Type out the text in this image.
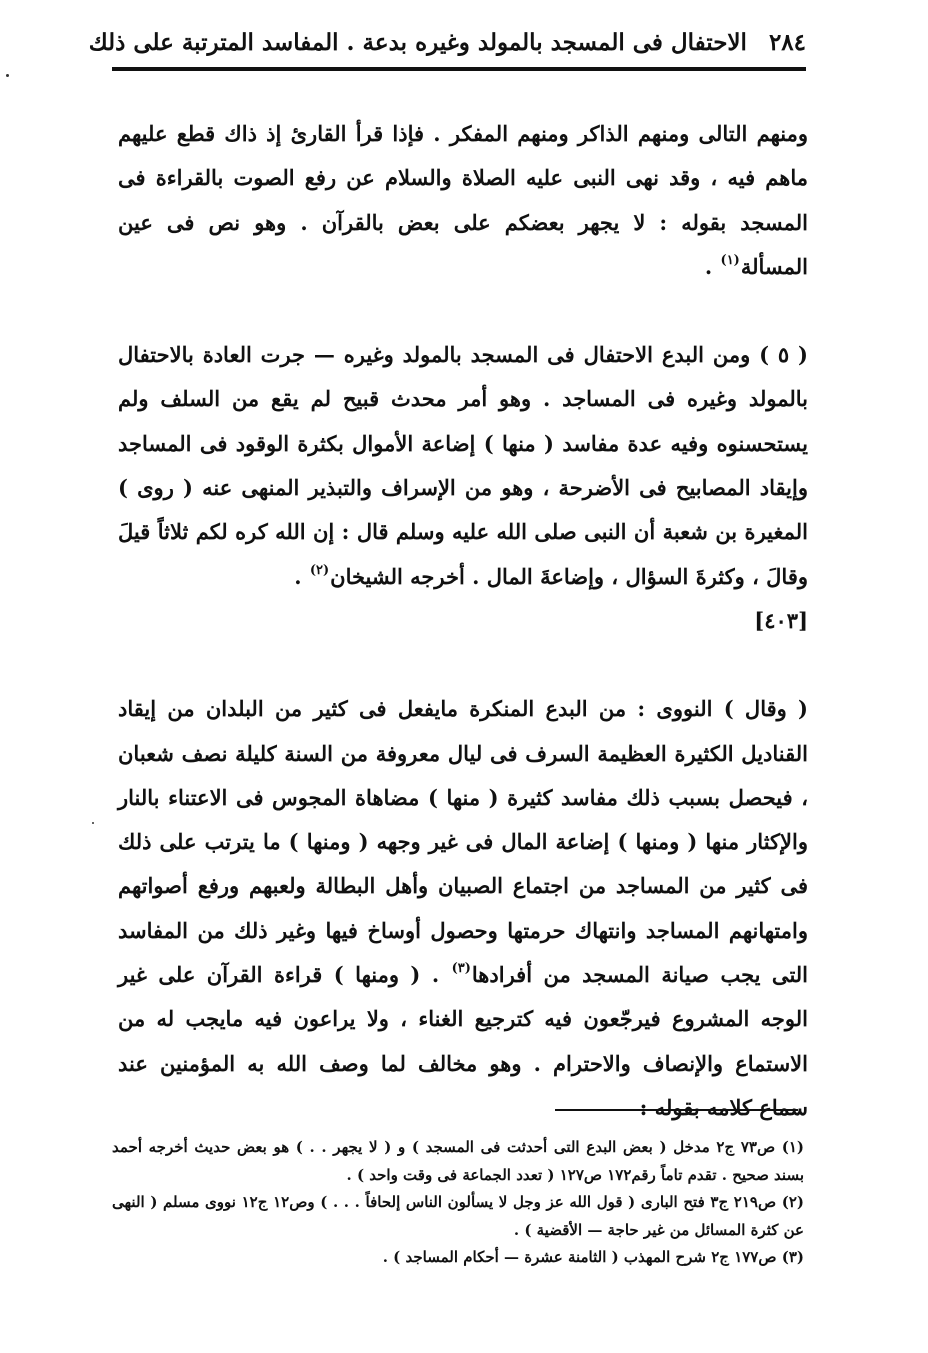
٢٨٤
الاحتفال فى المسجد بالمولد وغيره بدعة . المفاسد المترتبة على ذلك

ومنهم التالى ومنهم الذاكر ومنهم المفكر . فإذا قرأ القارئ إذ ذاك قطع عليهم ماهم فيه ، وقد نهى النبى عليه الصلاة والسلام عن رفع الصوت بالقراءة فى المسجد بقوله : لا يجهر بعضكم على بعض بالقرآن . وهو نص فى عين المسألة$^{(١)}$ .

( ٥ ) ومن البدع الاحتفال فى المسجد بالمولد وغيره — جرت العادة بالاحتفال بالمولد وغيره فى المساجد . وهو أمر محدث قبيح لم يقع من السلف ولم يستحسنوه وفيه عدة مفاسد ( منها ) إضاعة الأموال بكثرة الوقود فى المساجد وإيقاد المصابيح فى الأضرحة ، وهو من الإسراف والتبذير المنهى عنه ( روى ) المغيرة بن شعبة أن النبى صلى الله عليه وسلم قال : إن الله كره لكم ثلاثاً قيلَ وقالَ ، وكثرةَ السؤال ، وإضاعةَ المال . أخرجه الشيخان$^{(٢)}$ .
[٤٠٣]

( وقال ) النووى : من البدع المنكرة مايفعل فى كثير من البلدان من إيقاد القناديل الكثيرة العظيمة السرف فى ليال معروفة من السنة كليلة نصف شعبان ، فيحصل بسبب ذلك مفاسد كثيرة ( منها ) مضاهاة المجوس فى الاعتناء بالنار والإكثار منها ( ومنها ) إضاعة المال فى غير وجهه ( ومنها ) ما يترتب على ذلك فى كثير من المساجد من اجتماع الصبيان وأهل البطالة ولعبهم ورفع أصواتهم وامتهانهم المساجد وانتهاك حرمتها وحصول أوساخ فيها وغير ذلك من المفاسد التى يجب صيانة المسجد من أفرادها$^{(٣)}$ . ( ومنها ) قراءة القرآن على غير الوجه المشروع فيرجّعون فيه كترجيع الغناء ، ولا يراعون فيه مايجب له من الاستماع والإنصاف والاحترام . وهو مخالف لما وصف الله به المؤمنين عند سماع كلامه بقوله :

(١) ص٧٣ ج٢ مدخل ( بعض البدع التى أحدثت فى المسجد ) و ( لا يجهر . . ) هو بعض حديث أخرجه أحمد بسند صحيح . تقدم تاماً رقم١٧٢ ص١٢٧ ( تعدد الجماعة فى وقت واحد ) .

(٢) ص٢١٩ ج٣ فتح البارى ( قول الله عز وجل لا يسألون الناس إلحافاً . . . ) وص١٢ ج١٢ نووى مسلم ( النهى عن كثرة المسائل من غير حاجة — الأقضية ) .

(٣) ص١٧٧ ج٢ شرح المهذب ( الثامنة عشرة — أحكام المساجد ) .
